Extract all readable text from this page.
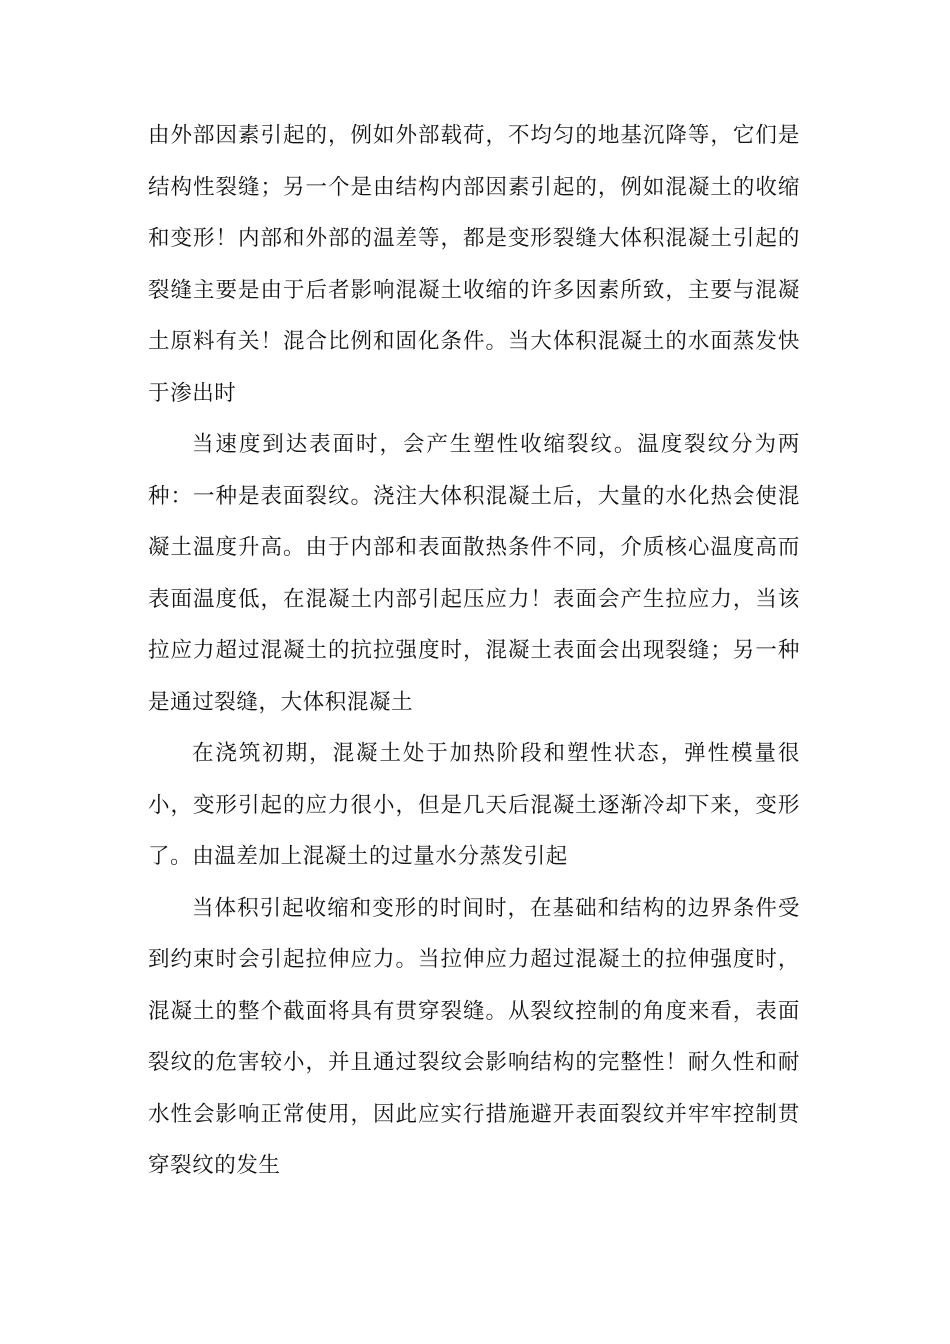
由外部因素引起的，例如外部载荷，不均匀的地基沉降等，它们是结构性裂缝；另一个是由结构内部因素引起的，例如混凝土的收缩和变形！内部和外部的温差等，都是变形裂缝大体积混凝土引起的裂缝主要是由于后者影响混凝土收缩的许多因素所致，主要与混凝土原料有关！混合比例和固化条件。当大体积混凝土的水面蒸发快于渗出时

当速度到达表面时，会产生塑性收缩裂纹。温度裂纹分为两种：一种是表面裂纹。浇注大体积混凝土后，大量的水化热会使混凝土温度升高。由于内部和表面散热条件不同，介质核心温度高而表面温度低，在混凝土内部引起压应力！表面会产生拉应力，当该拉应力超过混凝土的抗拉强度时，混凝土表面会出现裂缝；另一种是通过裂缝，大体积混凝土

在浇筑初期，混凝土处于加热阶段和塑性状态，弹性模量很小，变形引起的应力很小，但是几天后混凝土逐渐冷却下来，变形了。由温差加上混凝土的过量水分蒸发引起

当体积引起收缩和变形的时间时，在基础和结构的边界条件受到约束时会引起拉伸应力。当拉伸应力超过混凝土的拉伸强度时，混凝土的整个截面将具有贯穿裂缝。从裂纹控制的角度来看，表面裂纹的危害较小，并且通过裂纹会影响结构的完整性！耐久性和耐水性会影响正常使用，因此应实行措施避开表面裂纹并牢牢控制贯穿裂纹的发生
